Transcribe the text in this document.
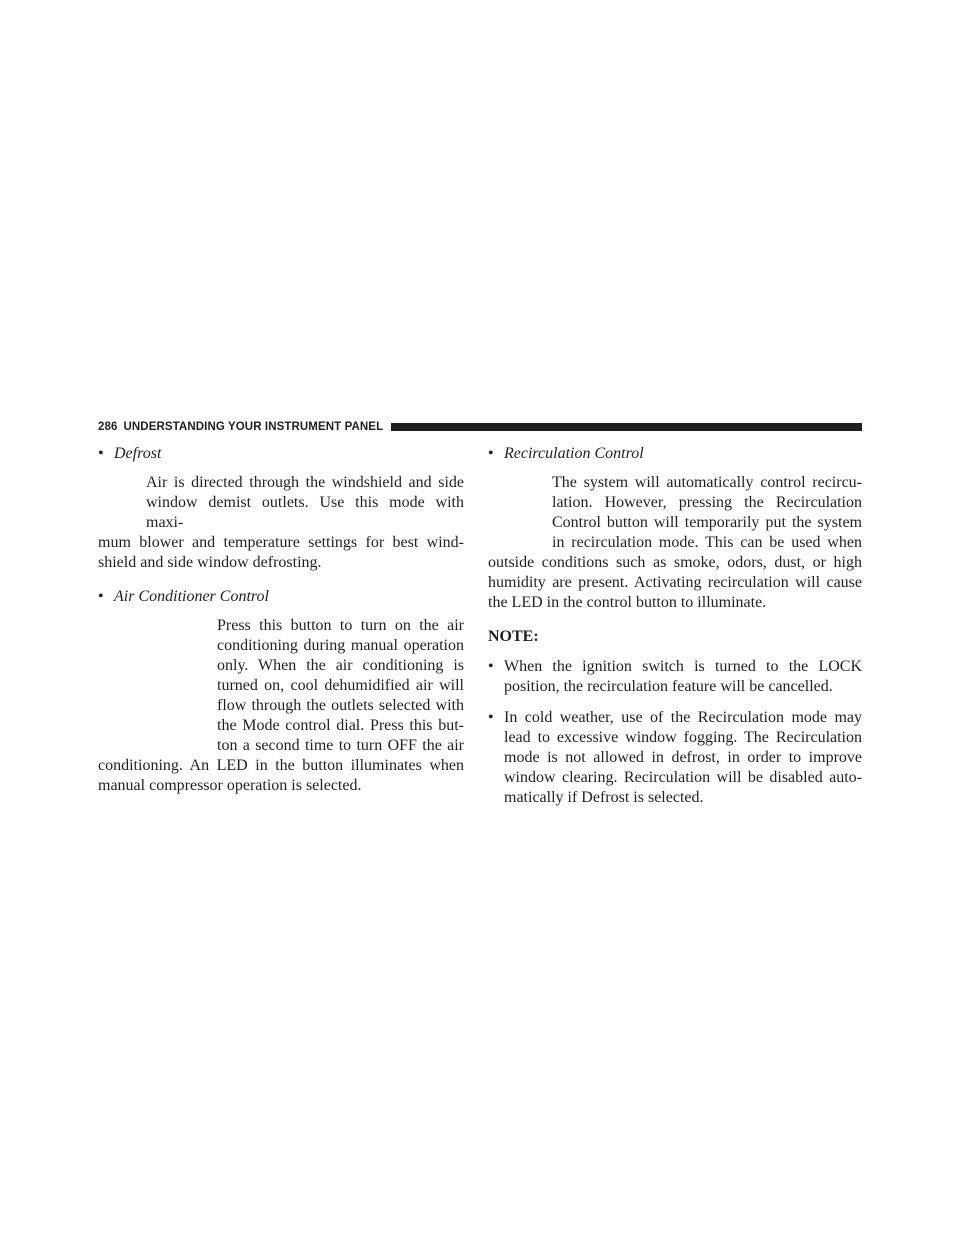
286 UNDERSTANDING YOUR INSTRUMENT PANEL
• Defrost

Air is directed through the windshield and side

window demist outlets. Use this mode with maxi-

mum blower and temperature settings for best wind-shield and side window defrosting.

• Air Conditioner Control

Press this button to turn on the air

conditioning during manual operation

only. When the air conditioning is

turned on, cool dehumidified air will

flow through the outlets selected with

the Mode control dial. Press this but-

ton a second time to turn OFF the air

conditioning. An LED in the button illuminates when manual compressor operation is selected.

• Recirculation Control

The system will automatically control recircu-

lation. However, pressing the Recirculation

Control button will temporarily put the system

in recirculation mode. This can be used when

outside conditions such as smoke, odors, dust, or high humidity are present. Activating recirculation will cause the LED in the control button to illuminate.

NOTE:

• When the ignition switch is turned to the LOCK position, the recirculation feature will be cancelled.
• In cold weather, use of the Recirculation mode may lead to excessive window fogging. The Recirculation mode is not allowed in defrost, in order to improve window clearing. Recirculation will be disabled auto-matically if Defrost is selected.
